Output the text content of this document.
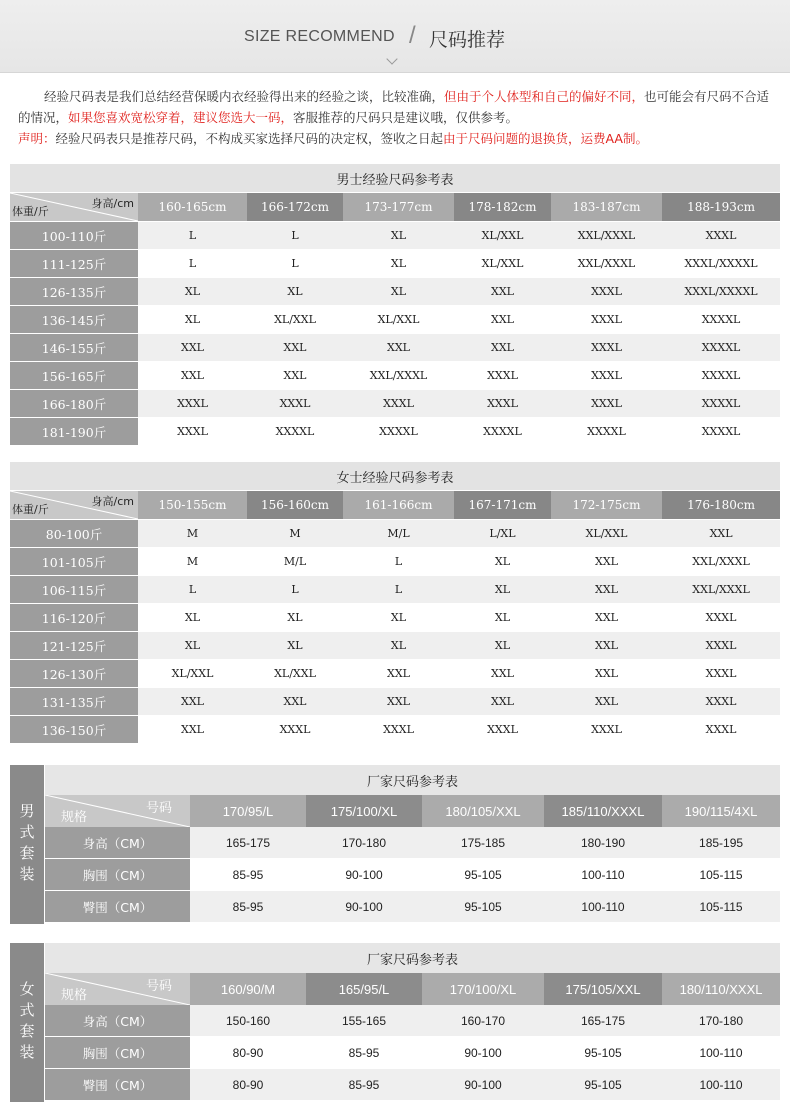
SIZE RECOMMEND / 尺码推荐

经验尺码表是我们总结经营保暖内衣经验得出来的经验之谈，比较准确，但由于个人体型和自己的偏好不同，也可能会有尺码不合适的情况，如果您喜欢宽松穿着，建议您选大一码，客服推荐的尺码只是建议哦，仅供参考。

声明：经验尺码表只是推荐尺码，不构成买家选择尺码的决定权，签收之日起由于尺码问题的退换货，运费AA制。

男士经验尺码参考表						

身高/cm
体重/斤	160-165cm	166-172cm	173-177cm	178-182cm	183-187cm	188-193cm
100-110斤	L	L	XL	XL/XXL	XXL/XXXL	XXXL
111-125斤	L	L	XL	XL/XXL	XXL/XXXL	XXXL/XXXXL
126-135斤	XL	XL	XL	XXL	XXXL	XXXL/XXXXL
136-145斤	XL	XL/XXL	XL/XXL	XXL	XXXL	XXXXL
146-155斤	XXL	XXL	XXL	XXL	XXXL	XXXXL
156-165斤	XXL	XXL	XXL/XXXL	XXXL	XXXL	XXXXL
166-180斤	XXXL	XXXL	XXXL	XXXL	XXXL	XXXXL
181-190斤	XXXL	XXXXL	XXXXL	XXXXL	XXXXL	XXXXL
女士经验尺码参考表						

身高/cm
体重/斤	150-155cm	156-160cm	161-166cm	167-171cm	172-175cm	176-180cm
80-100斤	M	M	M/L	L/XL	XL/XXL	XXL
101-105斤	M	M/L	L	XL	XXL	XXL/XXXL
106-115斤	L	L	L	XL	XXL	XXL/XXXL
116-120斤	XL	XL	XL	XL	XXL	XXXL
121-125斤	XL	XL	XL	XL	XXL	XXXL
126-130斤	XL/XXL	XL/XXL	XXL	XXL	XXL	XXXL
131-135斤	XXL	XXL	XXL	XXL	XXL	XXXL
136-150斤	XXL	XXXL	XXXL	XXXL	XXXL	XXXL
男式套装
厂家尺码参考表					

号码
规格	170/95/L	175/100/XL	180/105/XXL	185/110/XXXL	190/115/4XL
身高（CM）	165-175	170-180	175-185	180-190	185-195
胸围（CM）	85-95	90-100	95-105	100-110	105-115
臀围（CM）	85-95	90-100	95-105	100-110	105-115
女式套装
厂家尺码参考表					

号码
规格	160/90/M	165/95/L	170/100/XL	175/105/XXL	180/110/XXXL
身高（CM）	150-160	155-165	160-170	165-175	170-180
胸围（CM）	80-90	85-95	90-100	95-105	100-110
臀围（CM）	80-90	85-95	90-100	95-105	100-110
